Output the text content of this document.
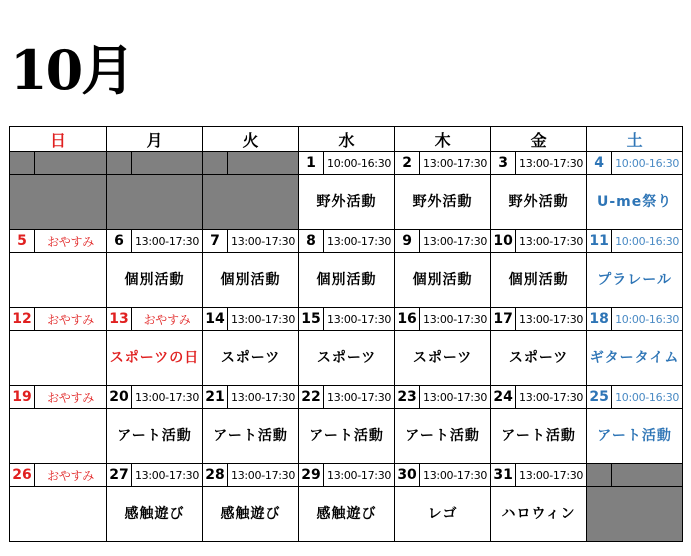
10月
日		月		火		水		木		金		土	
						1	10:00-16:30	2	13:00-17:30	3	13:00-17:30	4	10:00-16:30
						野外活動		野外活動		野外活動		U-me祭り	
5	おやすみ	6	13:00-17:30	7	13:00-17:30	8	13:00-17:30	9	13:00-17:30	10	13:00-17:30	11	10:00-16:30
		個別活動		個別活動		個別活動		個別活動		個別活動		プラレール	
12	おやすみ	13	おやすみ	14	13:00-17:30	15	13:00-17:30	16	13:00-17:30	17	13:00-17:30	18	10:00-16:30
		スポーツの日		スポーツ		スポーツ		スポーツ		スポーツ		ギタータイム	
19	おやすみ	20	13:00-17:30	21	13:00-17:30	22	13:00-17:30	23	13:00-17:30	24	13:00-17:30	25	10:00-16:30
		アート活動		アート活動		アート活動		アート活動		アート活動		アート活動	
26	おやすみ	27	13:00-17:30	28	13:00-17:30	29	13:00-17:30	30	13:00-17:30	31	13:00-17:30		
		感触遊び		感触遊び		感触遊び		レゴ		ハロウィン			
